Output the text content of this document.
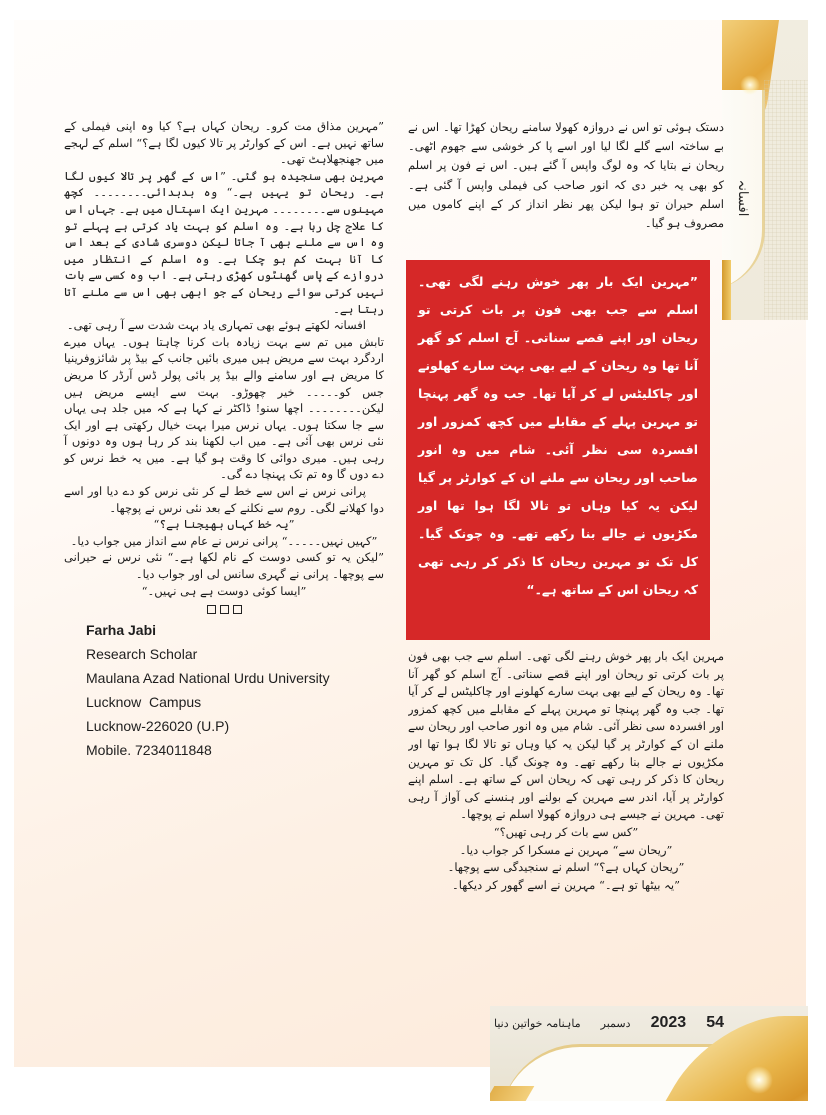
افسانہ

دستک ہوئی تو اس نے دروازہ کھولا سامنے ریحان کھڑا تھا۔ اس نے بے ساختہ اسے گلے لگا لیا اور اسے پا کر خوشی سے جھوم اٹھی۔ ریحان نے بتایا کہ وہ لوگ واپس آ گئے ہیں۔ اس نے فون پر اسلم کو بھی یہ خبر دی کہ انور صاحب کی فیملی واپس آ گئی ہے۔ اسلم حیران تو ہوا لیکن پھر نظر انداز کر کے اپنے کاموں میں مصروف ہو گیا۔

”مہرین ایک بار پھر خوش رہنے لگی تھی۔ اسلم سے جب بھی فون پر بات کرتی تو ریحان اور اپنے قصے سناتی۔ آج اسلم کو گھر آنا تھا وہ ریحان کے لیے بھی بہت سارے کھلونے اور چاکلیٹس لے کر آیا تھا۔ جب وہ گھر پہنچا تو مہرین پہلے کے مقابلے میں کچھ کمزور اور افسردہ سی نظر آئی۔ شام میں وہ انور صاحب اور ریحان سے ملنے ان کے کوارٹر پر گیا لیکن یہ کیا وہاں تو تالا لگا ہوا تھا اور مکڑیوں نے جالے بنا رکھے تھے۔ وہ چونک گیا۔ کل تک تو مہرین ریحان کا ذکر کر رہی تھی کہ ریحان اس کے ساتھ ہے۔“

مہرین ایک بار پھر خوش رہنے لگی تھی۔ اسلم سے جب بھی فون پر بات کرتی تو ریحان اور اپنے قصے سناتی۔ آج اسلم کو گھر آنا تھا۔ وہ ریحان کے لیے بھی بہت سارے کھلونے اور چاکلیٹس لے کر آیا تھا۔ جب وہ گھر پہنچا تو مہرین پہلے کے مقابلے میں کچھ کمزور اور افسردہ سی نظر آئی۔ شام میں وہ انور صاحب اور ریحان سے ملنے ان کے کوارٹر پر گیا لیکن یہ کیا وہاں تو تالا لگا ہوا تھا اور مکڑیوں نے جالے بنا رکھے تھے۔ وہ چونک گیا۔ کل تک تو مہرین ریحان کا ذکر کر رہی تھی کہ ریحان اس کے ساتھ ہے۔ اسلم اپنے کوارٹر پر آیا، اندر سے مہرین کے بولنے اور ہنسنے کی آواز آ رہی تھی۔ مہرین نے جیسے ہی دروازہ کھولا اسلم نے پوچھا۔

”کس سے بات کر رہی تھیں؟“

”ریحان سے“ مہرین نے مسکرا کر جواب دیا۔

”ریحان کہاں ہے؟“ اسلم نے سنجیدگی سے پوچھا۔

”یہ بیٹھا تو ہے۔“ مہرین نے اسے گھور کر دیکھا۔

”مہرین مذاق مت کرو۔ ریحان کہاں ہے؟ کیا وہ اپنی فیملی کے ساتھ نہیں ہے۔ اس کے کوارٹر پر تالا کیوں لگا ہے؟“ اسلم کے لہجے میں جھنجھلاہٹ تھی۔

مہرین بھی سنجیدہ ہو گئی۔ ”اس کے گھر پر تالا کیوں لگا ہے۔ ریحان تو یہیں ہے۔“ وہ بدبدائی۔۔۔۔۔۔۔۔ کچھ مہینوں سے۔۔۔۔۔۔۔۔ مہرین ایک اسپتال میں ہے۔ جہاں اس کا علاج چل رہا ہے۔ وہ اسلم کو بہت یاد کرتی ہے پہلے تو وہ اس سے ملنے بھی آ جاتا لیکن دوسری شادی کے بعد اس کا آنا بہت کم ہو چکا ہے۔ وہ اسلم کے انتظار میں دروازے کے پاس گھنٹوں کھڑی رہتی ہے۔ اب وہ کسی سے بات نہیں کرتی سوائے ریحان کے جو ابھی بھی اس سے ملنے آتا رہتا ہے۔

افسانہ لکھتے ہوئے بھی تمہاری یاد بہت شدت سے آ رہی تھی۔

تابش میں تم سے بہت زیادہ بات کرنا چاہتا ہوں۔ یہاں میرے اردگرد بہت سے مریض ہیں میری بائیں جانب کے بیڈ پر شائزوفرینیا کا مریض ہے اور سامنے والے بیڈ پر بائی پولر ڈس آرڈر کا مریض جس کو۔۔۔۔۔ خیر چھوڑو۔ بہت سے ایسے مریض ہیں لیکن۔۔۔۔۔۔۔۔ اچھا سنو! ڈاکٹر نے کہا ہے کہ میں جلد ہی یہاں سے جا سکتا ہوں۔ یہاں نرس میرا بہت خیال رکھتی ہے اور ایک نئی نرس بھی آئی ہے۔ میں اب لکھنا بند کر رہا ہوں وہ دونوں آ رہی ہیں۔ میری دوائی کا وقت ہو گیا ہے۔ میں یہ خط نرس کو دے دوں گا وہ تم تک پہنچا دے گی۔

پرانی نرس نے اس سے خط لے کر نئی نرس کو دے دیا اور اسے دوا کھلانے لگی۔ روم سے نکلنے کے بعد نئی نرس نے پوچھا۔

”یہ خط کہاں بھیجنا ہے؟“

”کہیں نہیں۔۔۔۔۔“ پرانی نرس نے عام سے انداز میں جواب دیا۔

”لیکن یہ تو کسی دوست کے نام لکھا ہے۔“ نئی نرس نے حیرانی سے پوچھا۔ پرانی نے گہری سانس لی اور جواب دیا۔

”ایسا کوئی دوست ہے ہی نہیں۔“

Farha Jabi
Research Scholar
Maulana Azad National Urdu University
Lucknow  Campus
Lucknow-226020 (U.P)
Mobile. 7234011848
ماہنامہ خواتین دنیا دسمبر 2023 54
